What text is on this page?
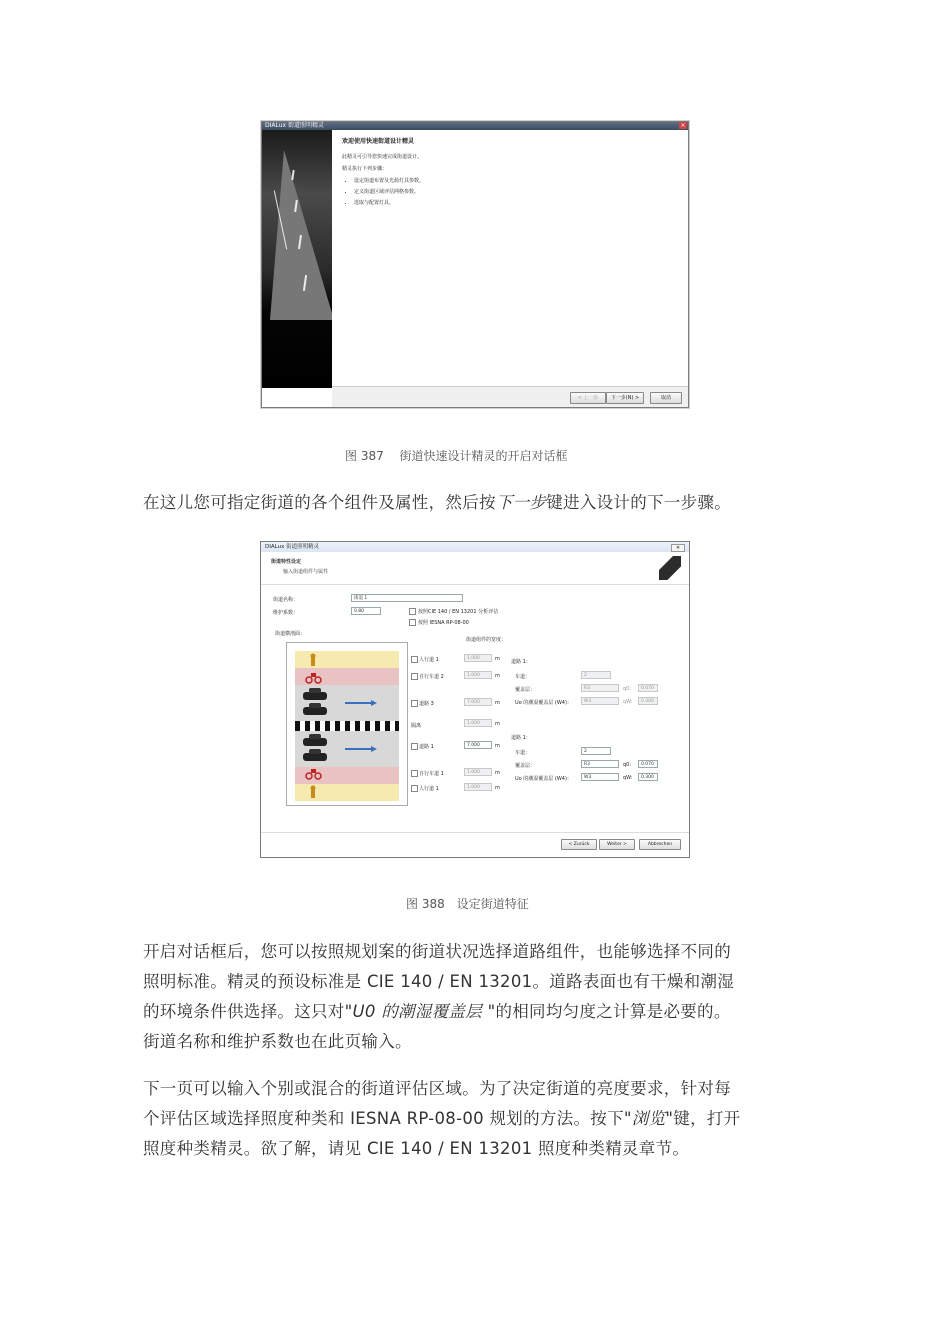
DIALux 街道照明精灵	×
欢迎使用快速街道设计精灵
此精灵可引导您快速完成街道设计。
精灵执行下列步骤：
• 设定街道布置及光源灯具参数。
• 定义街道区域评估网格参数。
• 选取与配置灯具。
< 上一步	下一步(N) >	取消
图 387　 街道快速设计精灵的开启对话框

在这儿您可指定街道的各个组件及属性，然后按下一步键进入设计的下一步骤。

DIALux 街道照明精灵	✕
街道特性设定
输入街道组件与属性
街道名称：	街道 1
维护系数：	0.80	按照CIE 140 / EN 13201 分析评估
按照 IESNA RP-08-00
街道横剖面：
街道组件的宽度：
人行道 1	1.000	m
自行车道 2	1.000	m
道路 3	7.000	m
隔离	1.000	m
道路 1	7.000	m
自行车道 1	1.000	m
人行道 1	1.000	m
道路 1：
车道：	2
覆盖层：	R3	q0:	0.070
Uo 的潮湿覆盖层 (W4)：	W3	qW:	0.300
道路 1：
车道：	2
覆盖层：	R3	q0:	0.070
Uo 的潮湿覆盖层 (W4)：	W3	qW:	0.300
< Zurück	Weiter >	Abbrechen
图 388　设定街道特征

开启对话框后，您可以按照规划案的街道状况选择道路组件，也能够选择不同的

照明标准。精灵的预设标准是 CIE 140 / EN 13201。道路表面也有干燥和潮湿

的环境条件供选择。这只对"U0 的潮湿覆盖层 "的相同均匀度之计算是必要的。

街道名称和维护系数也在此页输入。

下一页可以输入个别或混合的街道评估区域。为了决定街道的亮度要求，针对每

个评估区域选择照度种类和 IESNA RP-08-00 规划的方法。按下"浏览"键，打开

照度种类精灵。欲了解，请见 CIE 140 / EN 13201 照度种类精灵章节。
